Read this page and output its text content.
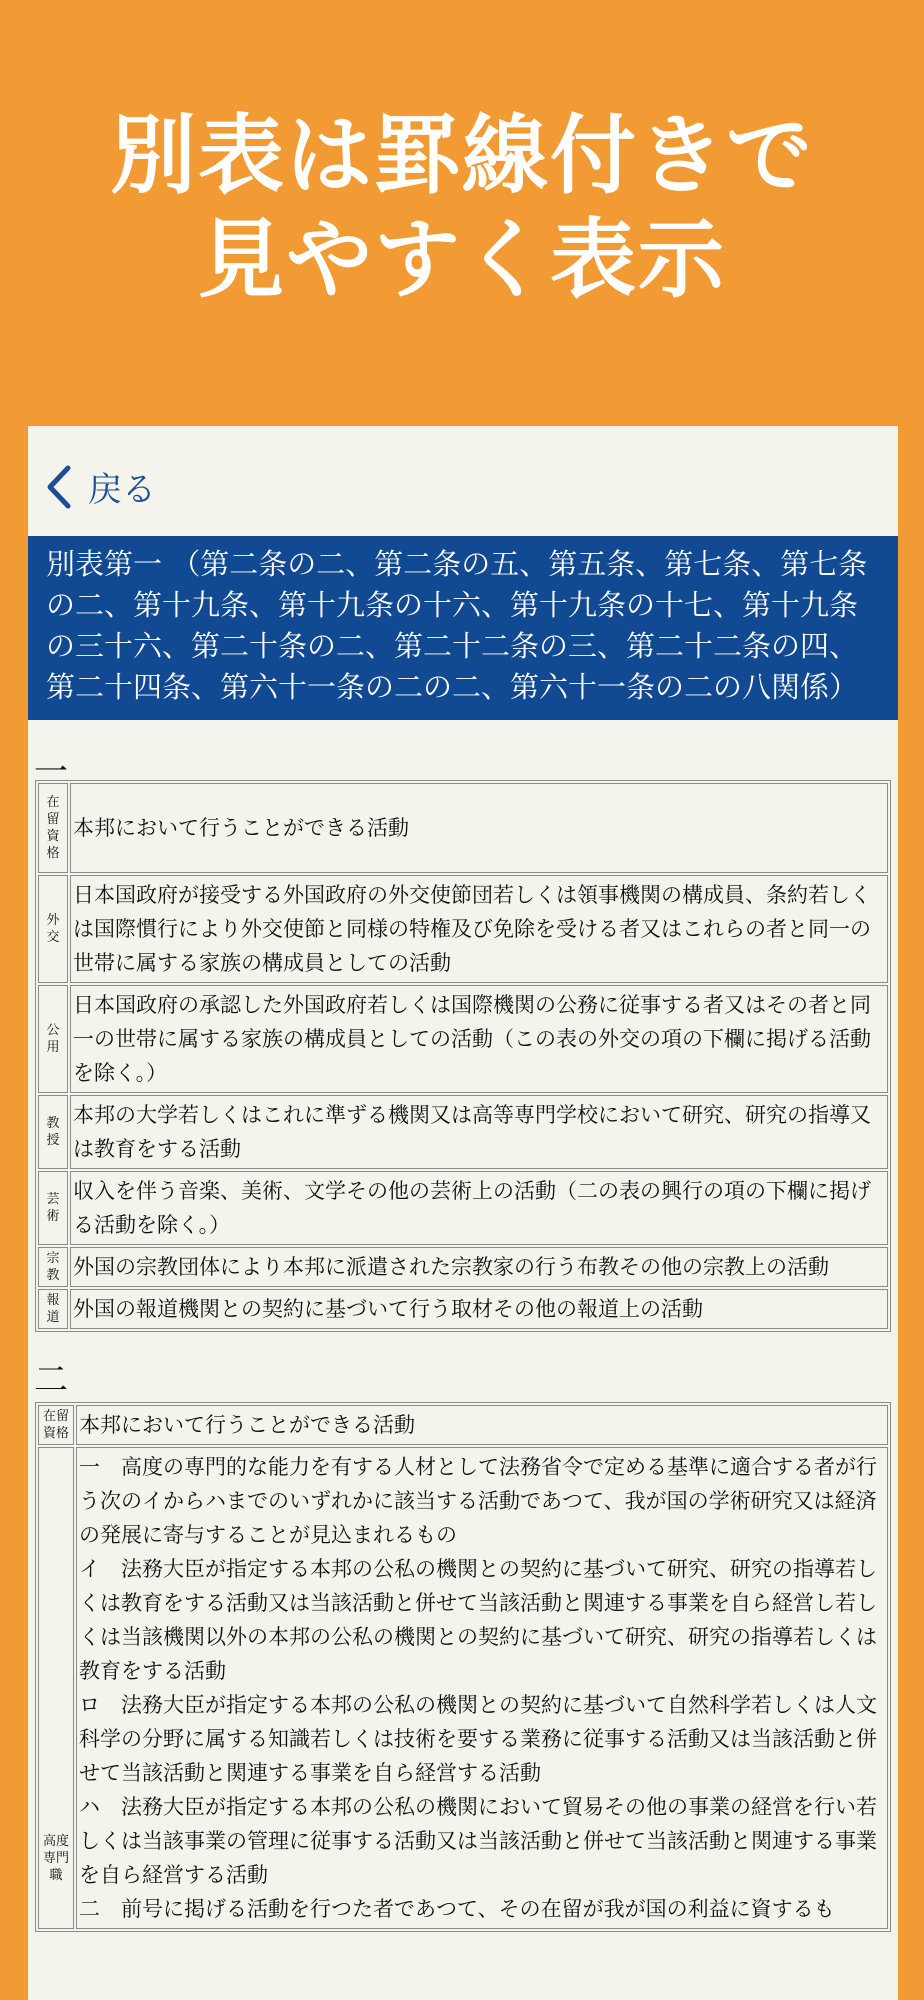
別表は罫線付きで
見やすく表示
戻る
別表第一 （第二条の二、第二条の五、第五条、第七条、第七条の二、第十九条、第十九条の十六、第十九条の十七、第十九条の三十六、第二十条の二、第二十二条の三、第二十二条の四、第二十四条、第六十一条の二の二、第六十一条の二の八関係）
一
在留資格	本邦において行うことができる活動
外交	日本国政府が接受する外国政府の外交使節団若しくは領事機関の構成員、条約若しくは国際慣行により外交使節と同様の特権及び免除を受ける者又はこれらの者と同一の世帯に属する家族の構成員としての活動
公用	日本国政府の承認した外国政府若しくは国際機関の公務に従事する者又はその者と同一の世帯に属する家族の構成員としての活動（この表の外交の項の下欄に掲げる活動を除く。）
教授	本邦の大学若しくはこれに準ずる機関又は高等専門学校において研究、研究の指導又は教育をする活動
芸術	収入を伴う音楽、美術、文学その他の芸術上の活動（二の表の興行の項の下欄に掲げる活動を除く。）
宗教	外国の宗教団体により本邦に派遣された宗教家の行う布教その他の宗教上の活動
報道	外国の報道機関との契約に基づいて行う取材その他の報道上の活動
二
在留資格	本邦において行うことができる活動
高度専門職	一　高度の専門的な能力を有する人材として法務省令で定める基準に適合する者が行う次のイからハまでのいずれかに該当する活動であつて、我が国の学術研究又は経済の発展に寄与することが見込まれるもの
イ　法務大臣が指定する本邦の公私の機関との契約に基づいて研究、研究の指導若しくは教育をする活動又は当該活動と併せて当該活動と関連する事業を自ら経営し若しくは当該機関以外の本邦の公私の機関との契約に基づいて研究、研究の指導若しくは教育をする活動
ロ　法務大臣が指定する本邦の公私の機関との契約に基づいて自然科学若しくは人文科学の分野に属する知識若しくは技術を要する業務に従事する活動又は当該活動と併せて当該活動と関連する事業を自ら経営する活動
ハ　法務大臣が指定する本邦の公私の機関において貿易その他の事業の経営を行い若しくは当該事業の管理に従事する活動又は当該活動と併せて当該活動と関連する事業を自ら経営する活動
二　前号に掲げる活動を行つた者であつて、その在留が我が国の利益に資するも
